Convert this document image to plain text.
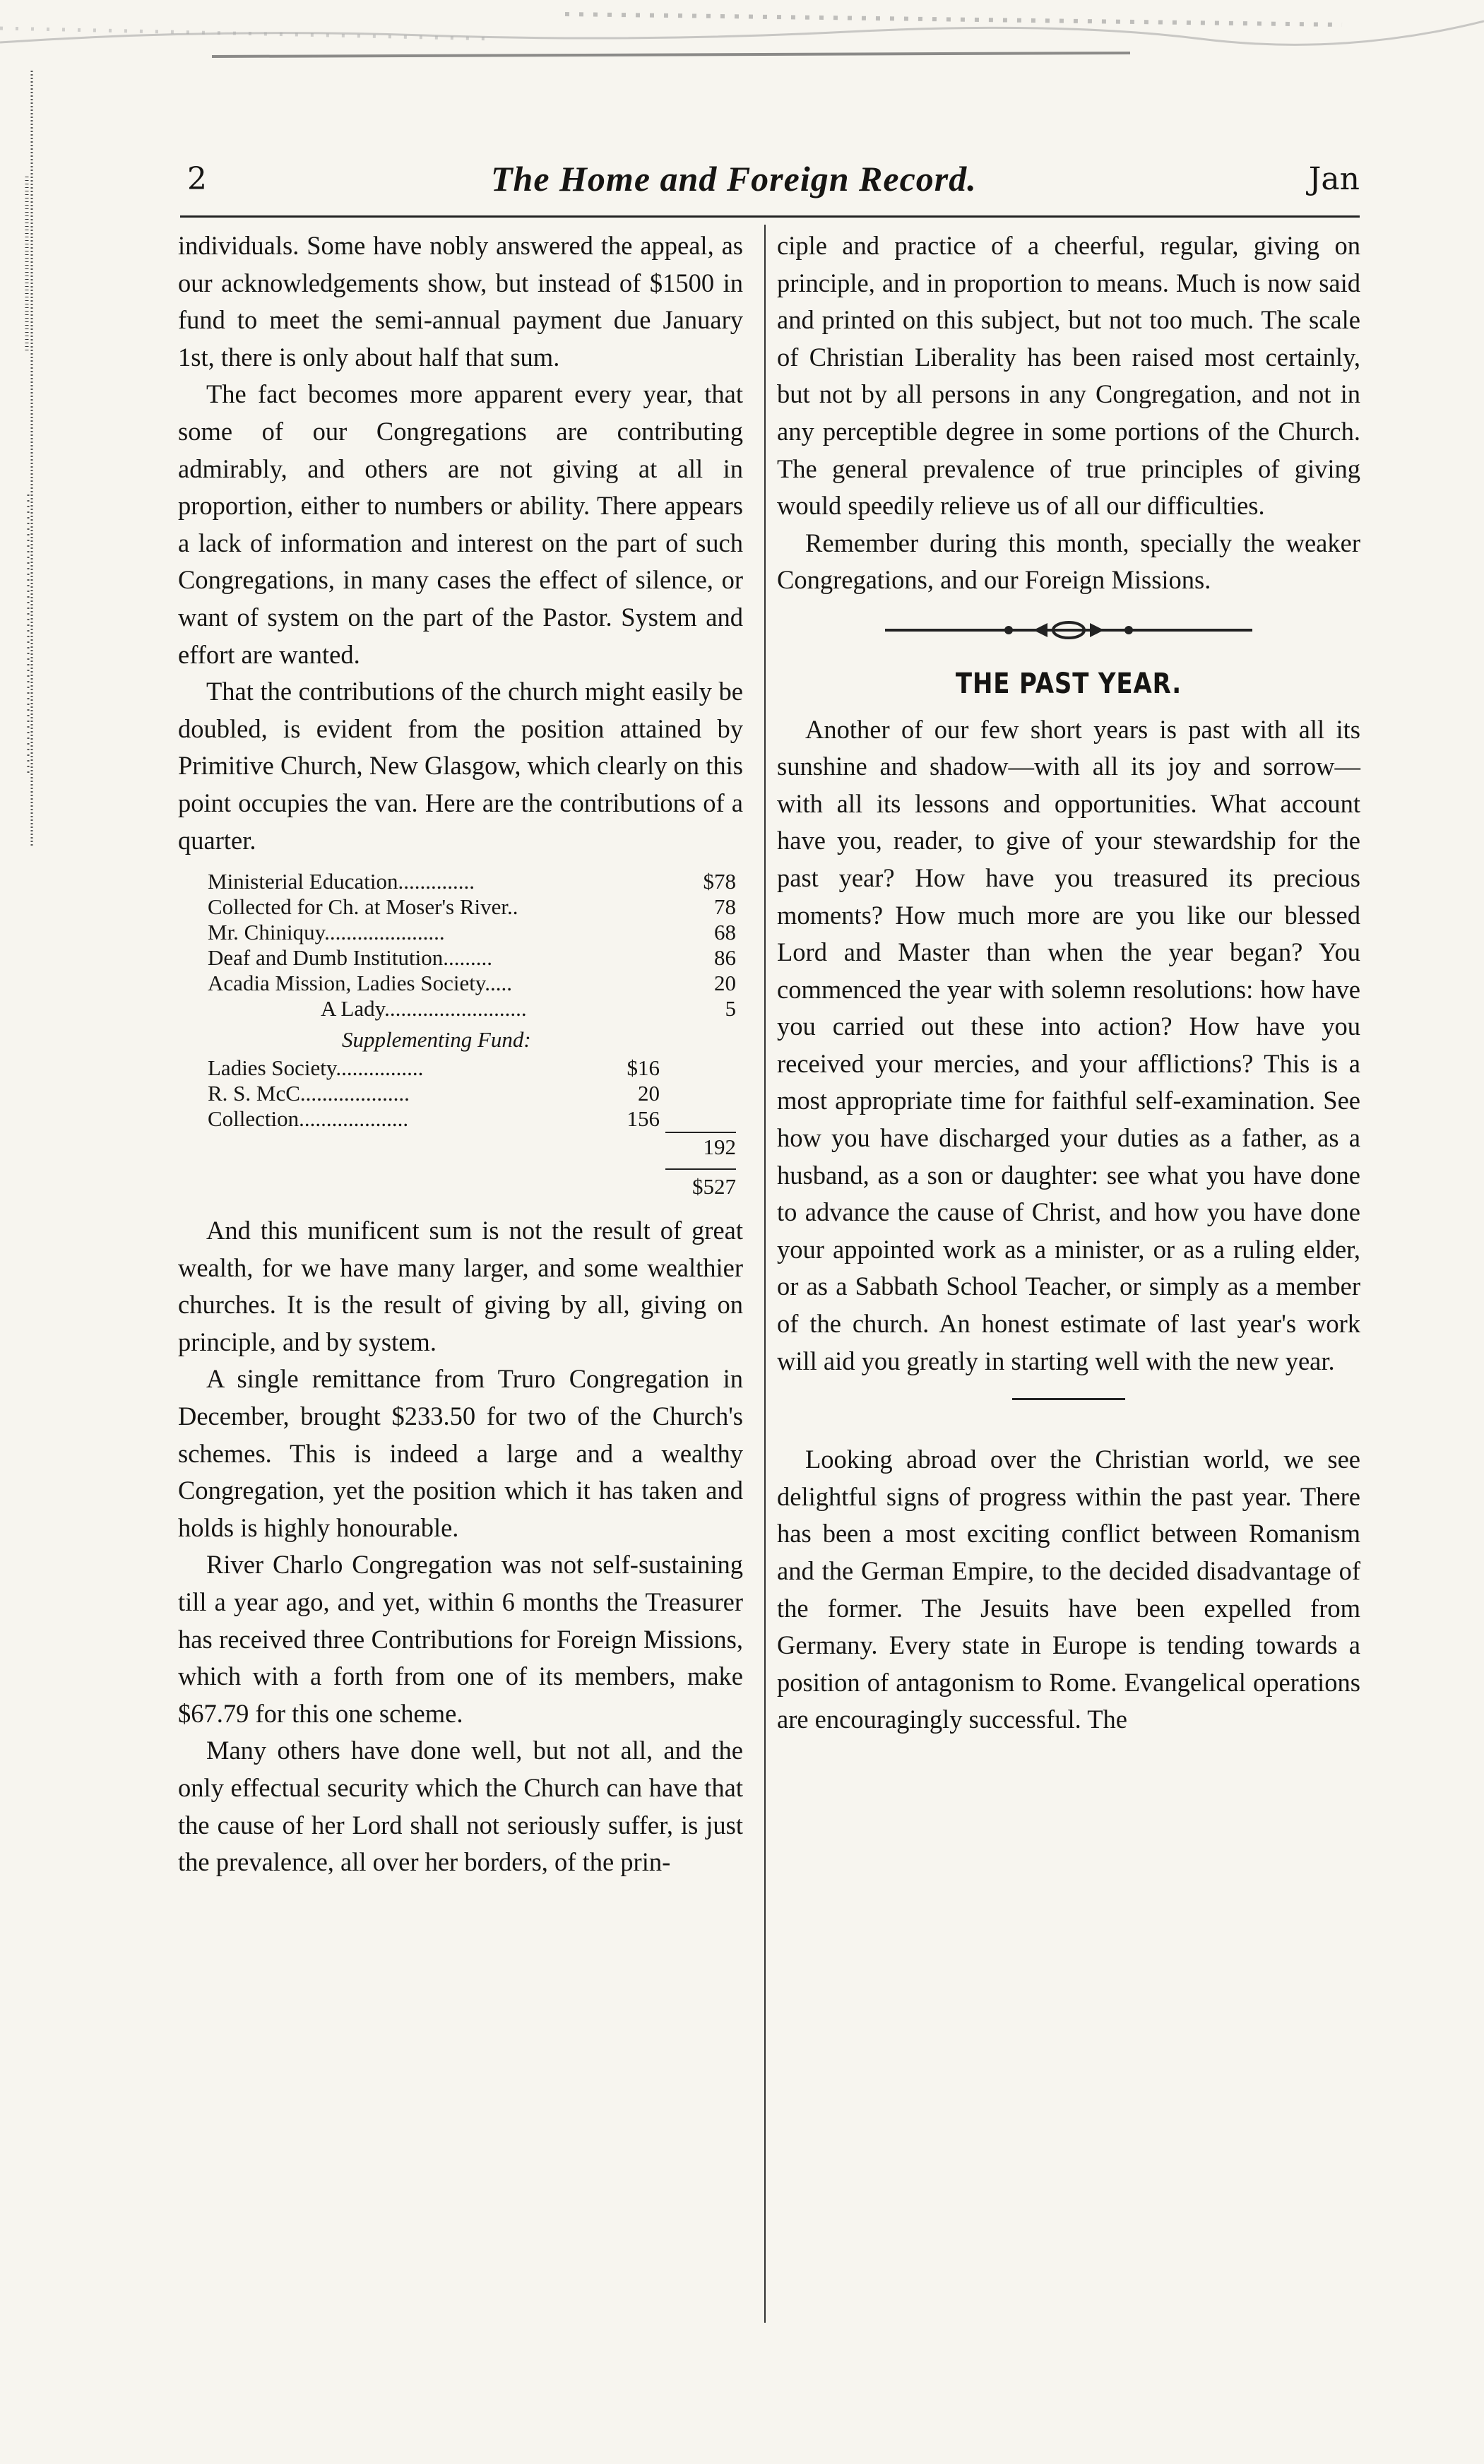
2	The Home and Foreign Record.	Jan

individuals. Some have nobly answered the appeal, as our acknowledgements show, but instead of $1500 in fund to meet the semi-annual payment due January 1st, there is only about half that sum.

The fact becomes more apparent every year, that some of our Congregations are contributing admirably, and others are not giving at all in proportion, either to numbers or ability. There appears a lack of information and interest on the part of such Congregations, in many cases the effect of silence, or want of system on the part of the Pastor. System and effort are wanted.

That the contributions of the church might easily be doubled, is evident from the position attained by Primitive Church, New Glasgow, which clearly on this point occupies the van. Here are the contributions of a quarter.

Ministerial Education..............	$78
Collected for Ch. at Moser's River..	78
Mr. Chiniquy......................	68
Deaf and Dumb Institution.........	86
Acadia Mission, Ladies Society.....	20
A Lady..........................	5
Supplementing Fund:
Ladies Society................	$16
R. S. McC....................	20
Collection....................	156
192
$527

And this munificent sum is not the result of great wealth, for we have many larger, and some wealthier churches. It is the result of giving by all, giving on principle, and by system.

A single remittance from Truro Congregation in December, brought $233.50 for two of the Church's schemes. This is indeed a large and a wealthy Congregation, yet the position which it has taken and holds is highly honourable.

River Charlo Congregation was not self-sustaining till a year ago, and yet, within 6 months the Treasurer has received three Contributions for Foreign Missions, which with a forth from one of its members, make $67.79 for this one scheme.

Many others have done well, but not all, and the only effectual security which the Church can have that the cause of her Lord shall not seriously suffer, is just the prevalence, all over her borders, of the prin-

ciple and practice of a cheerful, regular, giving on principle, and in proportion to means. Much is now said and printed on this subject, but not too much. The scale of Christian Liberality has been raised most certainly, but not by all persons in any Congregation, and not in any perceptible degree in some portions of the Church. The general prevalence of true principles of giving would speedily relieve us of all our difficulties.

Remember during this month, specially the weaker Congregations, and our Foreign Missions.

THE PAST YEAR.

Another of our few short years is past with all its sunshine and shadow—with all its joy and sorrow—with all its lessons and opportunities. What account have you, reader, to give of your stewardship for the past year? How have you treasured its precious moments? How much more are you like our blessed Lord and Master than when the year began? You commenced the year with solemn resolutions: how have you carried out these into action? How have you received your mercies, and your afflictions? This is a most appropriate time for faithful self-examination. See how you have discharged your duties as a father, as a husband, as a son or daughter: see what you have done to advance the cause of Christ, and how you have done your appointed work as a minister, or as a ruling elder, or as a Sabbath School Teacher, or simply as a member of the church. An honest estimate of last year's work will aid you greatly in starting well with the new year.

Looking abroad over the Christian world, we see delightful signs of progress within the past year. There has been a most exciting conflict between Romanism and the German Empire, to the decided disadvantage of the former. The Jesuits have been expelled from Germany. Every state in Europe is tending towards a position of antagonism to Rome. Evangelical operations are encouragingly successful. The
